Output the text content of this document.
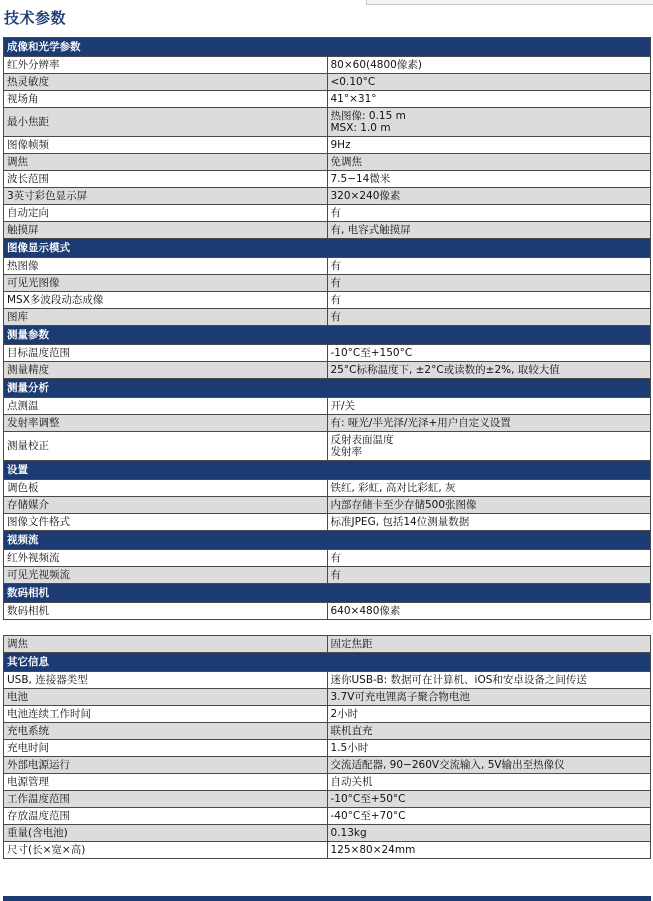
技术参数
成像和光学参数	
红外分辨率	80×60(4800像素)

热灵敏度	<0.10°C

视场角	41°×31°

最小焦距	热图像: 0.15 m
MSX: 1.0 m

图像帧频	9Hz

调焦	免调焦

波长范围	7.5−14微米

3英寸彩色显示屏	320×240像素

自动定向	有

触摸屏	有, 电容式触摸屏

图像显示模式	
热图像	有

可见光图像	有

MSX多波段动态成像	有

图库	有

测量参数	
目标温度范围	-10°C至+150°C

测量精度	25°C标称温度下, ±2°C或读数的±2%, 取较大值

测量分析	
点测温	开/关

发射率调整	有: 哑光/半光泽/光泽+用户自定义设置

测量校正	反射表面温度
发射率

设置	
调色板	铁红, 彩虹, 高对比彩虹, 灰

存储媒介	内部存储卡至少存储500张图像

图像文件格式	标准JPEG, 包括14位测量数据

视频流	
红外视频流	有

可见光视频流	有

数码相机	
数码相机	640×480像素

调焦	固定焦距

其它信息	
USB, 连接器类型	迷你USB-B: 数据可在计算机、iOS和安卓设备之间传送

电池	3.7V可充电锂离子聚合物电池

电池连续工作时间	2小时

充电系统	联机直充

充电时间	1.5小时

外部电源运行	交流适配器, 90−260V交流输入, 5V输出至热像仪

电源管理	自动关机

工作温度范围	-10°C至+50°C

存放温度范围	-40°C至+70°C

重量(含电池)	0.13kg

尺寸(长×宽×高)	125×80×24mm
